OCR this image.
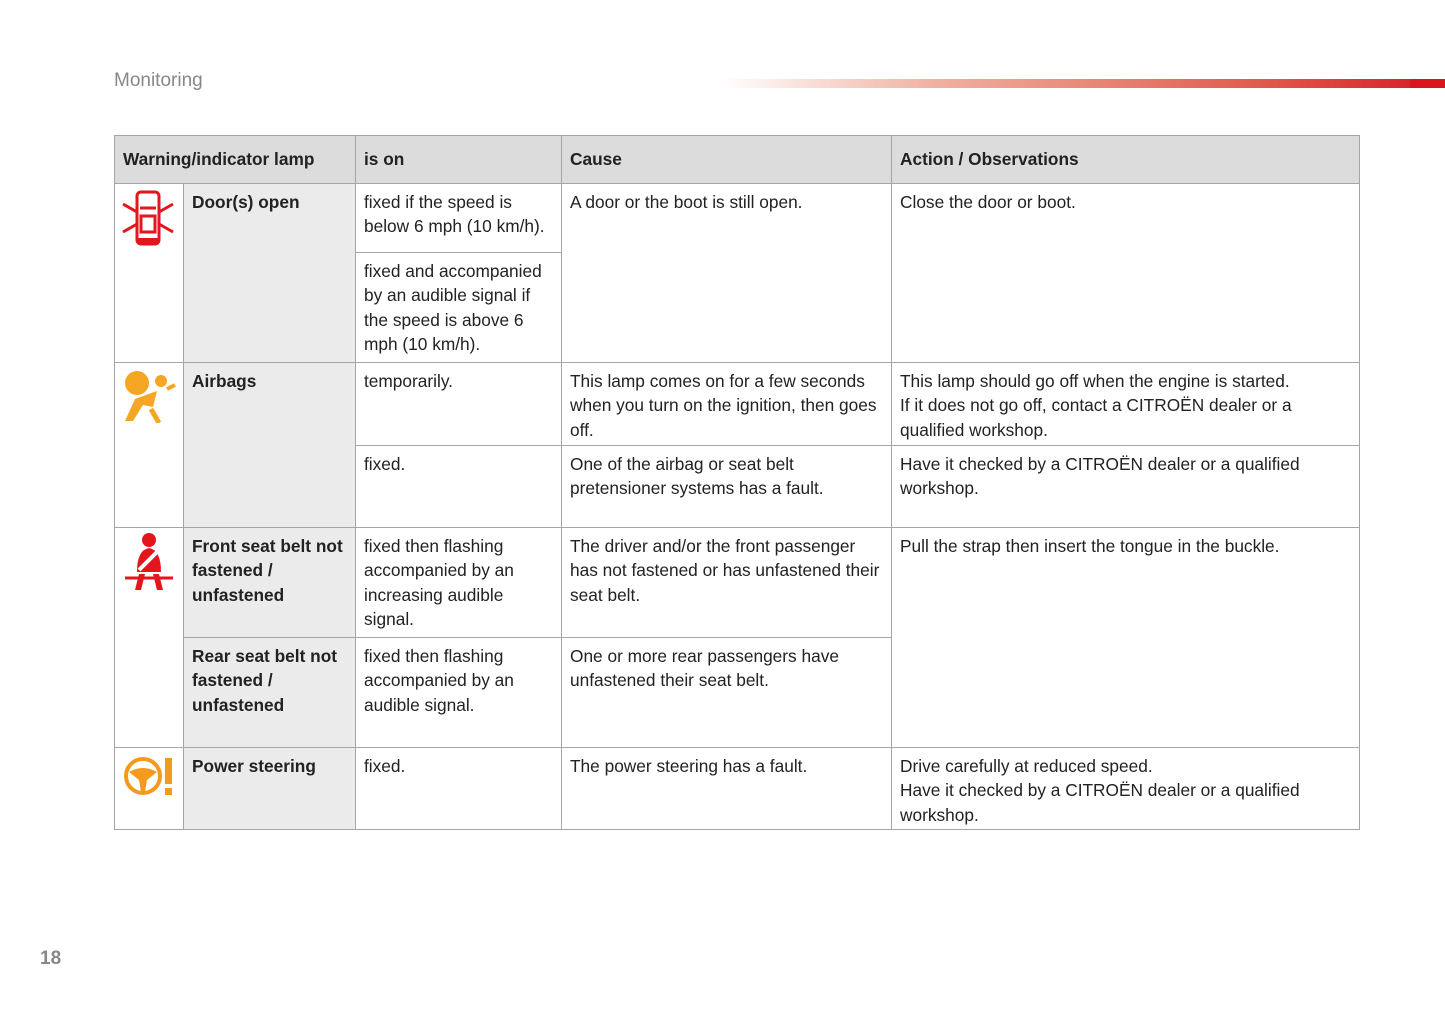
Monitoring
Warning/indicator lamp		is on	Cause	Action / Observations
	Door(s) open	fixed if the speed is below 6 mph (10 km/h).	A door or the boot is still open.	Close the door or boot.
		fixed and accompanied by an audible signal if the speed is above 6 mph (10 km/h).		
	Airbags	temporarily.	This lamp comes on for a few seconds when you turn on the ignition, then goes off.	This lamp should go off when the engine is started.
If it does not go off, contact a CITROËN dealer or a qualified workshop.

		fixed.	One of the airbag or seat belt pretensioner systems has a fault.	Have it checked by a CITROËN dealer or a qualified workshop.
	Front seat belt not fastened / unfastened	fixed then flashing accompanied by an increasing audible signal.	The driver and/or the front passenger has not fastened or has unfastened their seat belt.	Pull the strap then insert the tongue in the buckle.
	Rear seat belt not fastened / unfastened	fixed then flashing accompanied by an audible signal.	One or more rear passengers have unfastened their seat belt.	
	Power steering	fixed.	The power steering has a fault.	Drive carefully at reduced speed.
Have it checked by a CITROËN dealer or a qualified workshop.
18
